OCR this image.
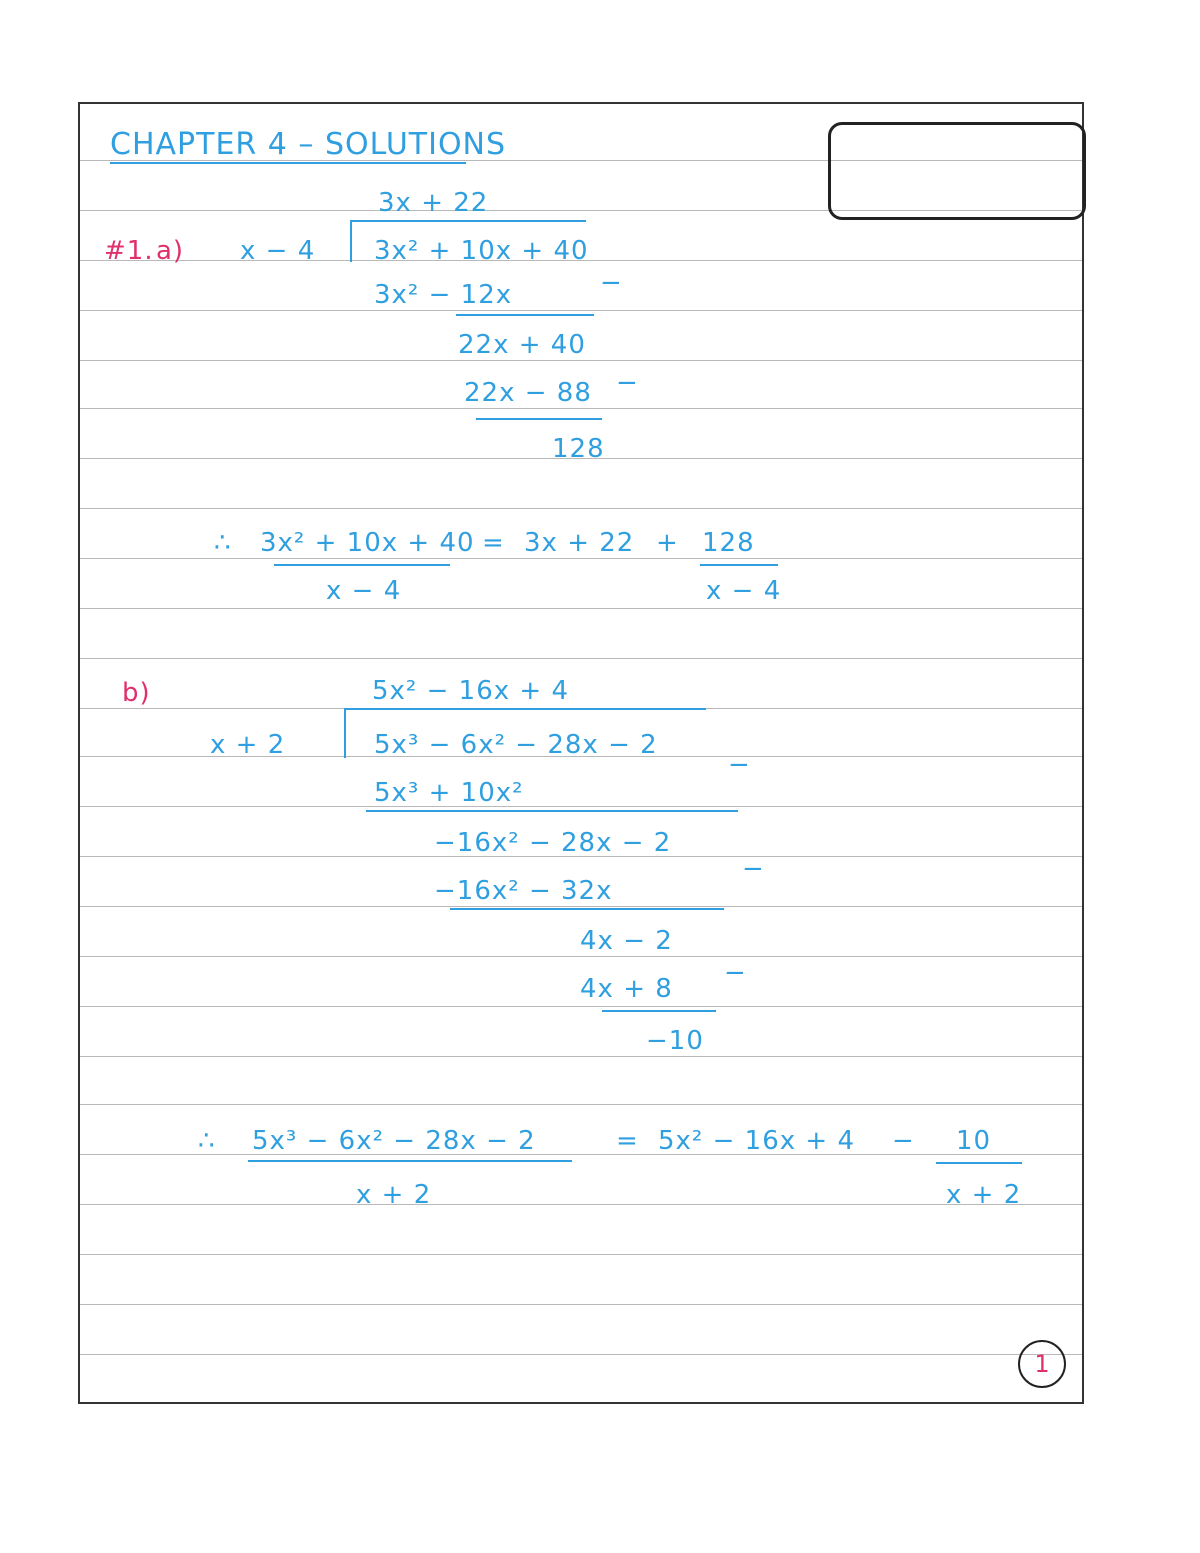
CHAPTER 4 – SOLUTIONS
#1. a) x − 4
3x + 22
3x² + 10x + 40
3x² − 12x	−
22x + 40
22x − 88 −
128
∴ 3x² + 10x + 40
x − 4
= 3x + 22 + 128
x − 4
b)
x + 2
5x² − 16x + 4
5x³ − 6x² − 28x − 2
−
5x³ + 10x²
−16x² − 28x − 2
−
−16x² − 32x
4x − 2
4x + 8
−
−10
∴ 5x³ − 6x² − 28x − 2
x + 2
= 5x² − 16x + 4 − 10
x + 2
1
